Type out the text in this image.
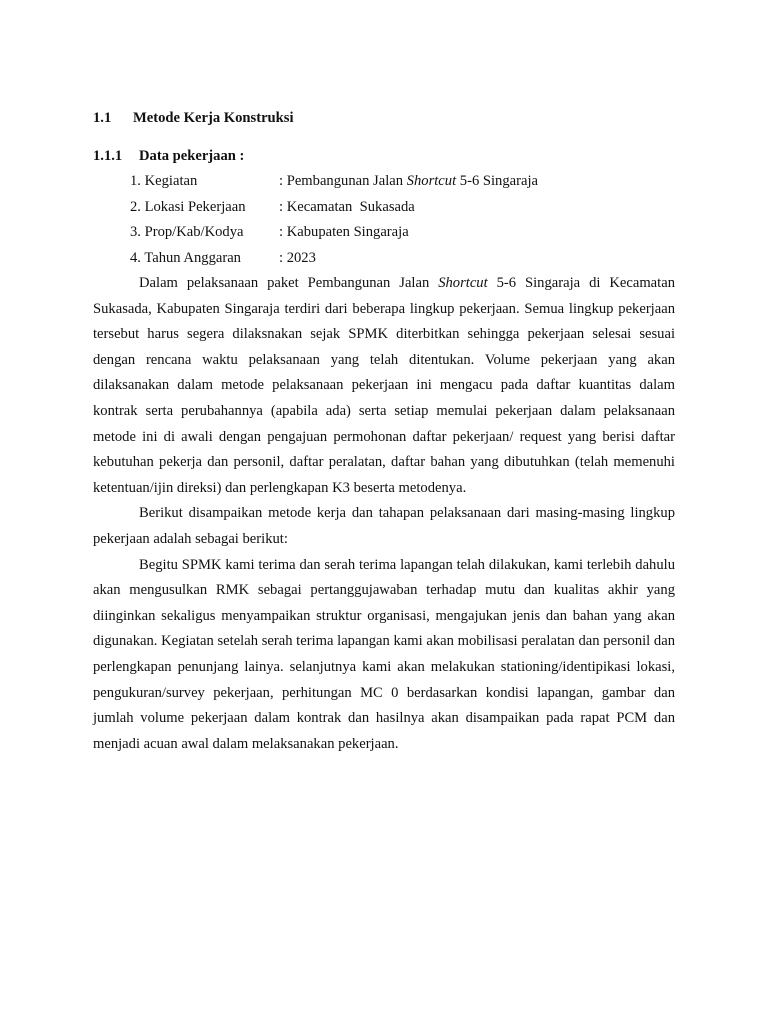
1.1	Metode Kerja Konstruksi
1.1.1	Data pekerjaan :
1. Kegiatan	: Pembangunan Jalan Shortcut 5-6 Singaraja
2. Lokasi Pekerjaan	: Kecamatan  Sukasada
3. Prop/Kab/Kodya	: Kabupaten Singaraja
4. Tahun Anggaran	: 2023

Dalam pelaksanaan paket Pembangunan Jalan Shortcut 5-6 Singaraja di Kecamatan Sukasada, Kabupaten Singaraja terdiri dari beberapa lingkup pekerjaan. Semua lingkup pekerjaan tersebut harus segera dilaksnakan sejak SPMK diterbitkan sehingga pekerjaan selesai sesuai dengan rencana waktu pelaksanaan yang telah ditentukan. Volume pekerjaan yang akan dilaksanakan dalam metode pelaksanaan pekerjaan ini mengacu pada daftar kuantitas dalam kontrak serta perubahannya (apabila ada) serta setiap memulai pekerjaan dalam pelaksanaan metode ini di awali dengan pengajuan permohonan daftar pekerjaan/ request yang berisi daftar kebutuhan pekerja dan personil, daftar peralatan, daftar bahan yang dibutuhkan (telah memenuhi ketentuan/ijin direksi) dan perlengkapan K3 beserta metodenya.

Berikut disampaikan metode kerja dan tahapan pelaksanaan dari masing-masing lingkup pekerjaan adalah sebagai berikut:

Begitu SPMK kami terima dan serah terima lapangan telah dilakukan, kami terlebih dahulu akan mengusulkan RMK sebagai pertanggujawaban terhadap mutu dan kualitas akhir yang diinginkan sekaligus menyampaikan struktur organisasi, mengajukan jenis dan bahan yang akan digunakan. Kegiatan setelah serah terima lapangan kami akan mobilisasi peralatan dan personil dan perlengkapan penunjang lainya. selanjutnya kami akan melakukan stationing/identipikasi lokasi, pengukuran/survey pekerjaan, perhitungan MC 0 berdasarkan kondisi lapangan, gambar dan jumlah volume pekerjaan dalam kontrak dan hasilnya akan disampaikan pada rapat PCM dan menjadi acuan awal dalam melaksanakan pekerjaan.
